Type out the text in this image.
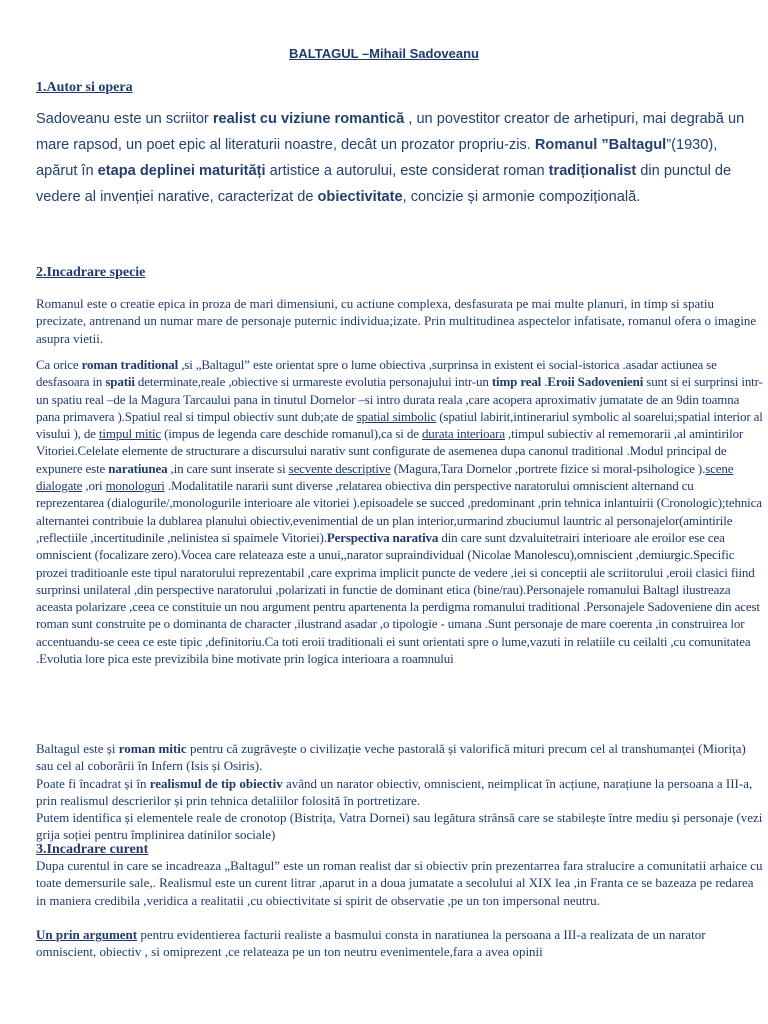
BALTAGUL –Mihail Sadoveanu
1.Autor si opera

Sadoveanu este un scriitor realist cu viziune romantică , un povestitor creator de arhetipuri, mai degrabă un mare rapsod, un poet epic al literaturii noastre, decât un prozator propriu-zis. Romanul ”Baltagul”(1930), apărut în etapa deplinei maturități artistice a autorului, este considerat roman tradiționalist din punctul de vedere al invenției narative, caracterizat de obiectivitate, concizie și armonie compozițională.

2.Incadrare specie

Romanul este o creatie epica in proza de mari dimensiuni, cu actiune complexa, desfasurata pe mai multe planuri, in timp si spatiu precizate, antrenand un numar mare de personaje puternic individua;izate. Prin multitudinea aspectelor infatisate, romanul ofera o imagine asupra vietii.

Ca orice roman traditional ,si „Baltagul” este orientat spre o lume obiectiva ,surprinsa in existent ei social-istorica .asadar actiunea se desfasoara in spatii determinate,reale ,obiective si urmareste evolutia personajului intr-un timp real .Eroii Sadovenieni sunt si ei surprinsi intr-un spatiu real –de la Magura Tarcaului pana in tinutul Dornelor –si intro durata reala ,care acopera aproximativ jumatate de an 9din toamna pana primavera ).Spatiul real si timpul obiectiv sunt dub;ate de spatial simbolic (spatiul labirit,intinerariul symbolic al soarelui;spatial interior al visului ), de timpul mitic (impus de legenda care deschide romanul),ca si de durata interioara ,timpul subiectiv al rememorarii ,al amintirilor Vitoriei.Celelate elemente de structurare a discursului narativ sunt configurate de asemenea dupa canonul traditional .Modul principal de expunere este naratiunea ,in care sunt inserate si secvente descriptive (Magura,Tara Dornelor ,portrete fizice si moral-psihologice ).scene dialogate ,ori monologuri .Modalitatile nararii sunt diverse ,relatarea obiectiva din perspective naratorului omniscient alternand cu reprezentarea (dialogurile/,monologurile interioare ale vitoriei ).episoadele se succed ,predominant ,prin tehnica inlantuirii (Cronologic);tehnica alternantei contribuie la dublarea planului obiectiv,evenimential de un plan interior,urmarind zbuciumul launtric al personajelor(amintirile ,reflectiile ,incertitudinile ,nelinistea si spaimele Vitoriei).Perspectiva narativa din care sunt dzvaluitetrairi interioare ale eroilor ese cea omniscient (focalizare zero).Vocea care relateaza este a unui,,narator supraindividual (Nicolae Manolescu),omniscient ,demiurgic.Specific prozei traditioanle este tipul naratorului reprezentabil ,care exprima implicit puncte de vedere ,iei si conceptii ale scriitorului ,eroii clasici fiind surprinsi unilateral ,din perspective naratorului ,polarizati in functie de dominant etica (bine/rau).Personajele romanului Baltagl ilustreaza aceasta polarizare ,ceea ce constituie un nou argument pentru apartenenta la perdigma romanului traditional .Personajele Sadoveniene din acest roman sunt construite pe o dominanta de character ,ilustrand asadar ,o tipologie - umana .Sunt personaje de mare coerenta ,in construirea lor accentuandu-se ceea ce este tipic ,definitoriu.Ca toti eroii traditionali ei sunt orientati spre o lume,vazuti in relatiile cu ceilalti ,cu comunitatea .Evolutia lore pica este previzibila bine motivate prin logica interioara a roamnului

Baltagul este și roman mitic pentru că zugrăvește o civilizație veche pastorală și valorifică mituri precum cel al transhumanței (Miorița) sau cel al coborârii în Infern (Isis și Osiris).
Poate fi încadrat și în realismul de tip obiectiv având un narator obiectiv, omniscient, neimplicat în acțiune, narațiune la persoana a III-a, prin realismul descrierilor și prin tehnica detaliilor folosită în portretizare.
Putem identifica și elementele reale de cronotop (Bistrița, Vatra Dornei) sau legătura strânsă care se stabilește între mediu și personaje (vezi grija soției pentru împlinirea datinilor sociale)

3.Incadrare curent

Dupa curentul in care se incadreaza „Baltagul” este un roman realist dar si obiectiv prin prezentarrea fara stralucire a comunitatii arhaice cu toate demersurile sale,. Realismul este un curent litrar ,aparut in a doua jumatate a secolului al XIX lea ,in Franta ce se bazeaza pe redarea in maniera credibila ,veridica a realitatii ,cu obiectivitate si spirit de observatie ,pe un ton impersonal neutru.

Un prin argument pentru evidentierea facturii realiste a basmului consta in naratiunea la persoana a III-a realizata de un narator omniscient, obiectiv , si omiprezent ,ce relateaza pe un ton neutru evenimentele,fara a avea opinii
